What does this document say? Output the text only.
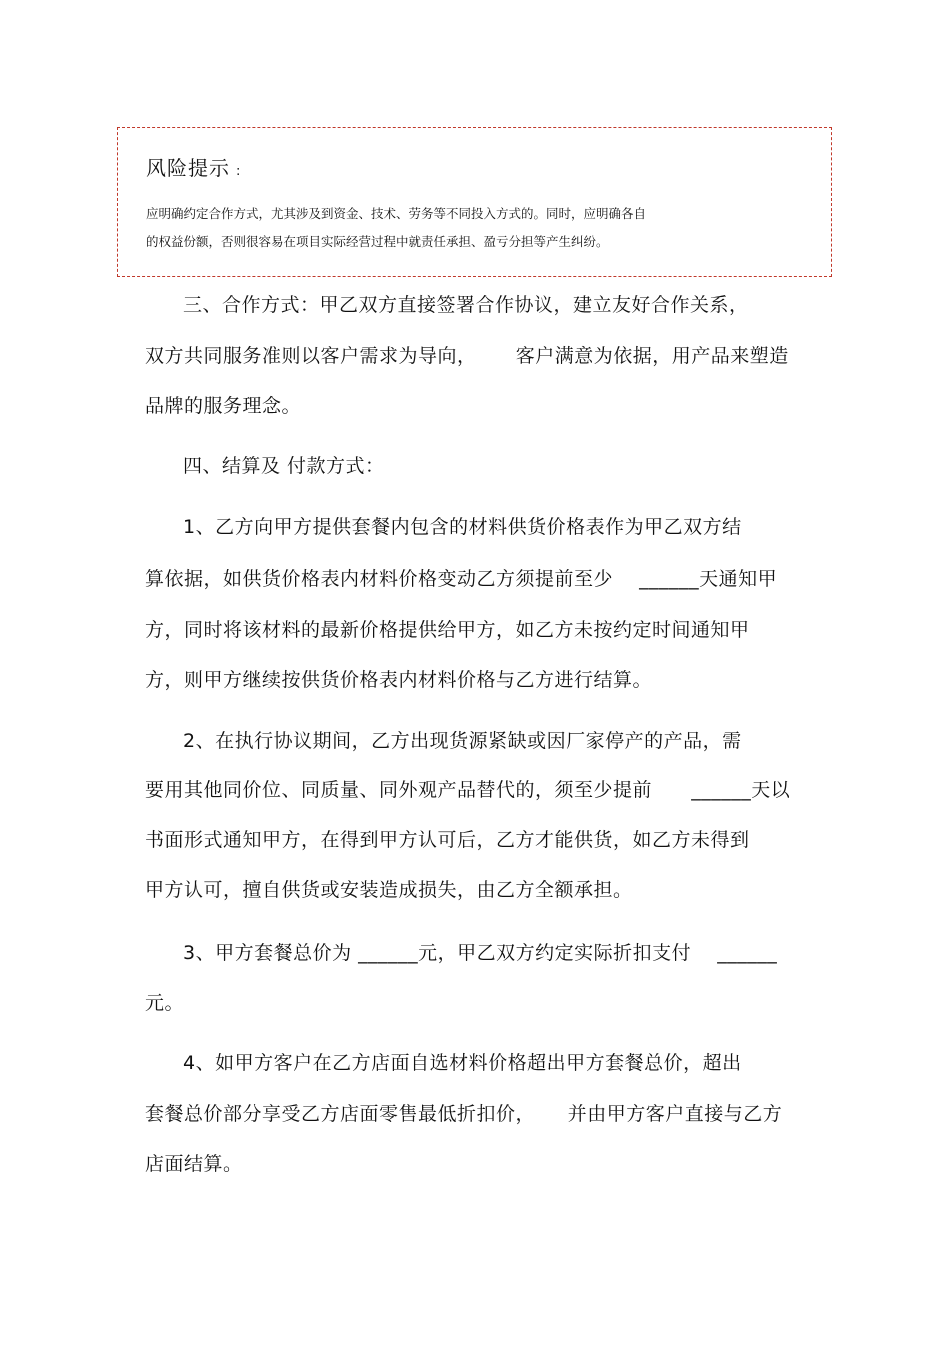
风险提示 :
应明确约定合作方式，尤其涉及到资金、技术、劳务等不同投入方式的。同时，应明确各自
的权益份额，否则很容易在项目实际经营过程中就责任承担、盈亏分担等产生纠纷。
三、合作方式：甲乙双方直接签署合作协议，建立友好合作关系，
双方共同服务准则以客户需求为导向，      客户满意为依据，用产品来塑造
品牌的服务理念。
四、结算及 付款方式：
1、乙方向甲方提供套餐内包含的材料供货价格表作为甲乙双方结
算依据，如供货价格表内材料价格变动乙方须提前至少    ______天通知甲
方，同时将该材料的最新价格提供给甲方，如乙方未按约定时间通知甲
方，则甲方继续按供货价格表内材料价格与乙方进行结算。
2、在执行协议期间，乙方出现货源紧缺或因厂家停产的产品，需
要用其他同价位、同质量、同外观产品替代的，须至少提前      ______天以
书面形式通知甲方，在得到甲方认可后，乙方才能供货，如乙方未得到
甲方认可，擅自供货或安装造成损失，由乙方全额承担。
3、甲方套餐总价为 ______元，甲乙双方约定实际折扣支付    ______
元。
4、如甲方客户在乙方店面自选材料价格超出甲方套餐总价，超出
套餐总价部分享受乙方店面零售最低折扣价，     并由甲方客户直接与乙方
店面结算。
